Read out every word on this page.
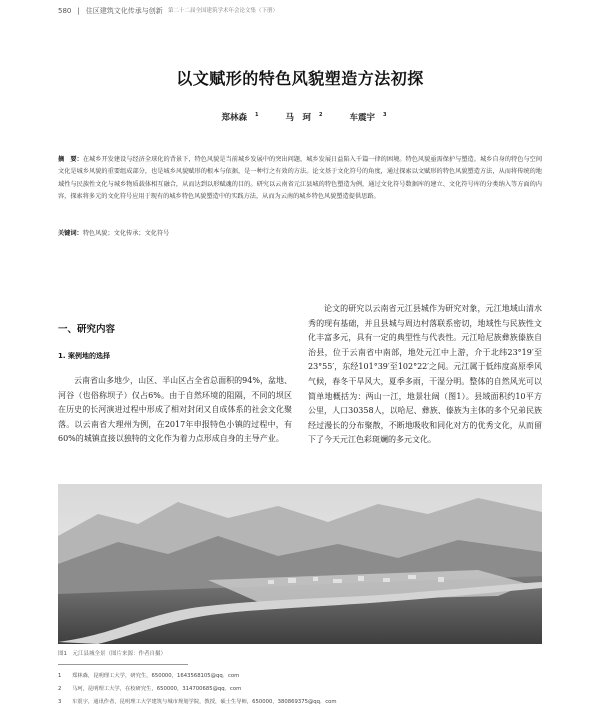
580 | 住区建筑文化传承与创新 第二十二届全国建筑学术年会论文集（下册）
以文赋形的特色风貌塑造方法初探
郑林森 $^1$	马　珂 $^2$	车震宇 $^3$
摘　要：在城乡开发建设与经济全球化的背景下，特色风貌是当前城乡发展中的突出问题，城乡发展日益陷入千篇一律的困境。特色风貌亟需保护与塑造。城乡自身的特色与空间文化是城乡风貌的重要组成部分，也是城乡风貌赋形的根本与依据，是一种行之有效的方法。论文基于文化符号的角度，通过探索以文赋形的特色风貌塑造方法，从而将传统的地域性与民族性文化与城乡物质载体相互融合，从而达到以形赋魂的目的。研究以云南省元江县城的特色塑造为例，通过文化符号数据库的建立、文化符号库的分类纳入等方面的内容，探索将多元的文化符号应用于现有的城乡特色风貌塑造中的实践方法，从而为云南的城乡特色风貌塑造提供思路。
关键词：特色风貌；文化传承；文化符号
一、研究内容
1. 案例地的选择
云南省山多地少，山区、半山区占全省总面积的94%，盆地、河谷（也俗称坝子）仅占6%。由于自然环境的阻隔，不同的坝区在历史的长河演进过程中形成了相对封闭又自成体系的社会文化聚落。以云南省大理州为例，在2017年申报特色小镇的过程中，有60%的城镇直接以独特的文化作为着力点形成自身的主导产业。
论文的研究以云南省元江县城作为研究对象，元江地域山清水秀的现有基础，并且县城与周边村落联系密切，地域性与民族性文化丰富多元，具有一定的典型性与代表性。元江哈尼族彝族傣族自治县，位于云南省中南部，地处元江中上游，介于北纬23°19′至23°55′，东经101°39′至102°22′之间。元江属于低纬度高原季风气候，春冬干旱风大，夏季多雨，干湿分明。整体的自然风光可以简单地概括为：两山一江，地景壮阔（图1）。县域面积约10平方公里，人口30358人，以哈尼、彝族、傣族为主体的多个兄弟民族经过漫长的分布聚散，不断地吸收和同化对方的优秀文化，从而留下了今天元江色彩斑斓的多元文化。
图1　元江县城全景（图片来源：作者自摄）
1 郑林森，昆明理工大学，研究生，650000，1643568105@qq．com
2 马珂，昆明理工大学，在校研究生，650000，314700685@qq．com
3 车震宇，通讯作者，昆明理工大学建筑与城市规划学院，教授，硕士生导师，650000，380869375@qq．com
